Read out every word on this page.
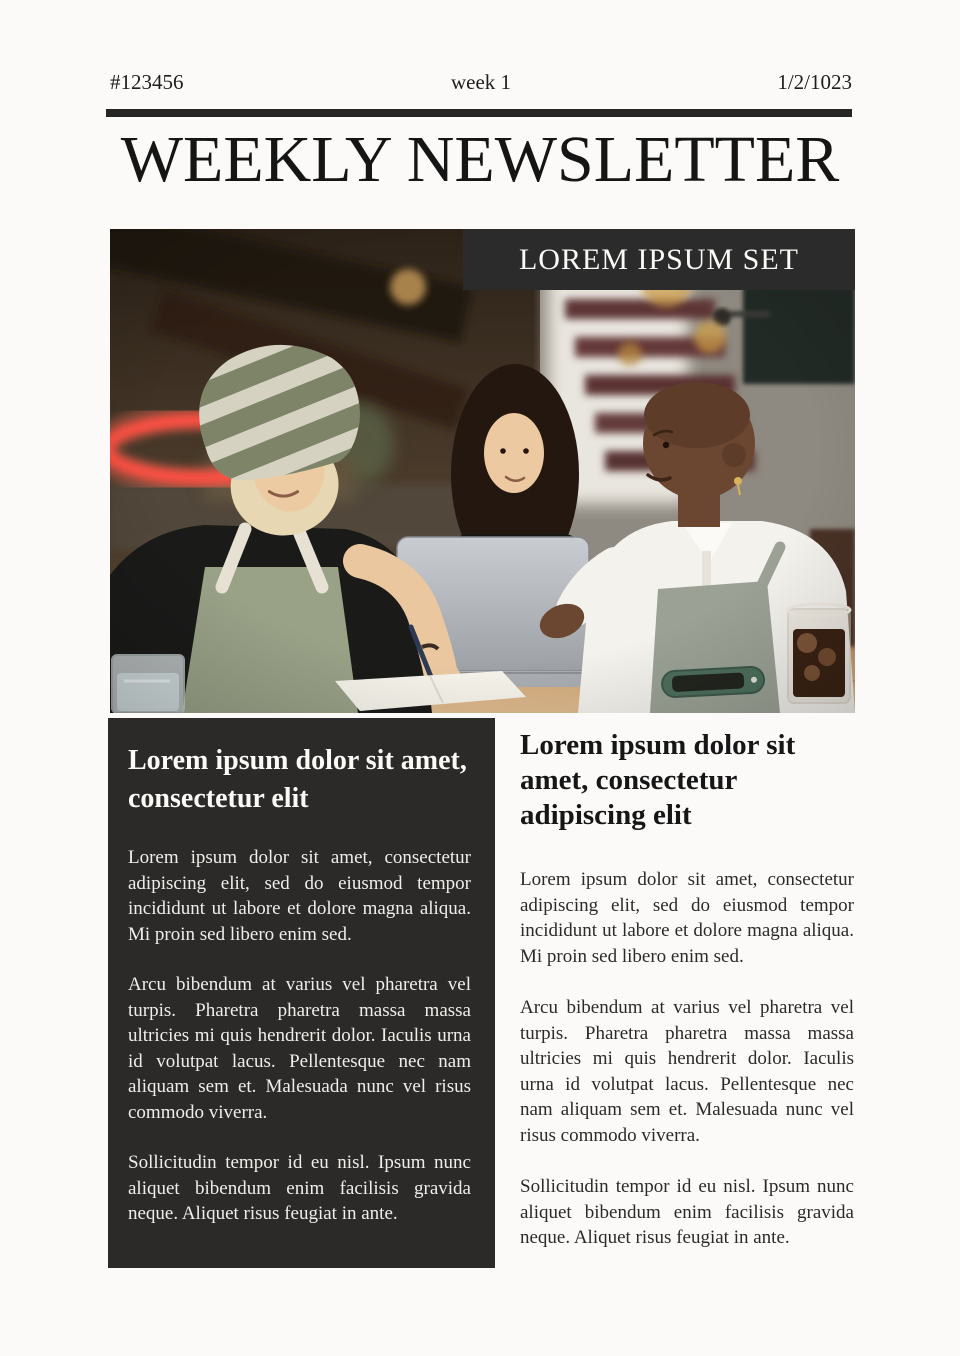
#123456	week 1	1/2/1023
WEEKLY NEWSLETTER
LOREM IPSUM SET
Lorem ipsum dolor sit amet, consectetur elit

Lorem ipsum dolor sit amet, consectetur adipiscing elit, sed do eiusmod tempor incididunt ut labore et dolore magna aliqua. Mi proin sed libero enim sed.

Arcu bibendum at varius vel pharetra vel turpis. Pharetra pharetra massa massa ultricies mi quis hendrerit dolor. Iaculis urna id volutpat lacus. Pellentesque nec nam aliquam sem et. Malesuada nunc vel risus commodo viverra.

Sollicitudin tempor id eu nisl. Ipsum nunc aliquet bibendum enim facilisis gravida neque. Aliquet risus feugiat in ante.

Lorem ipsum dolor sit amet, consectetur adipiscing elit

Lorem ipsum dolor sit amet, consectetur adipiscing elit, sed do eiusmod tempor incididunt ut labore et dolore magna aliqua. Mi proin sed libero enim sed.

Arcu bibendum at varius vel pharetra vel turpis. Pharetra pharetra massa massa ultricies mi quis hendrerit dolor. Iaculis urna id volutpat lacus. Pellentesque nec nam aliquam sem et. Malesuada nunc vel risus commodo viverra.

Sollicitudin tempor id eu nisl. Ipsum nunc aliquet bibendum enim facilisis gravida neque. Aliquet risus feugiat in ante.
